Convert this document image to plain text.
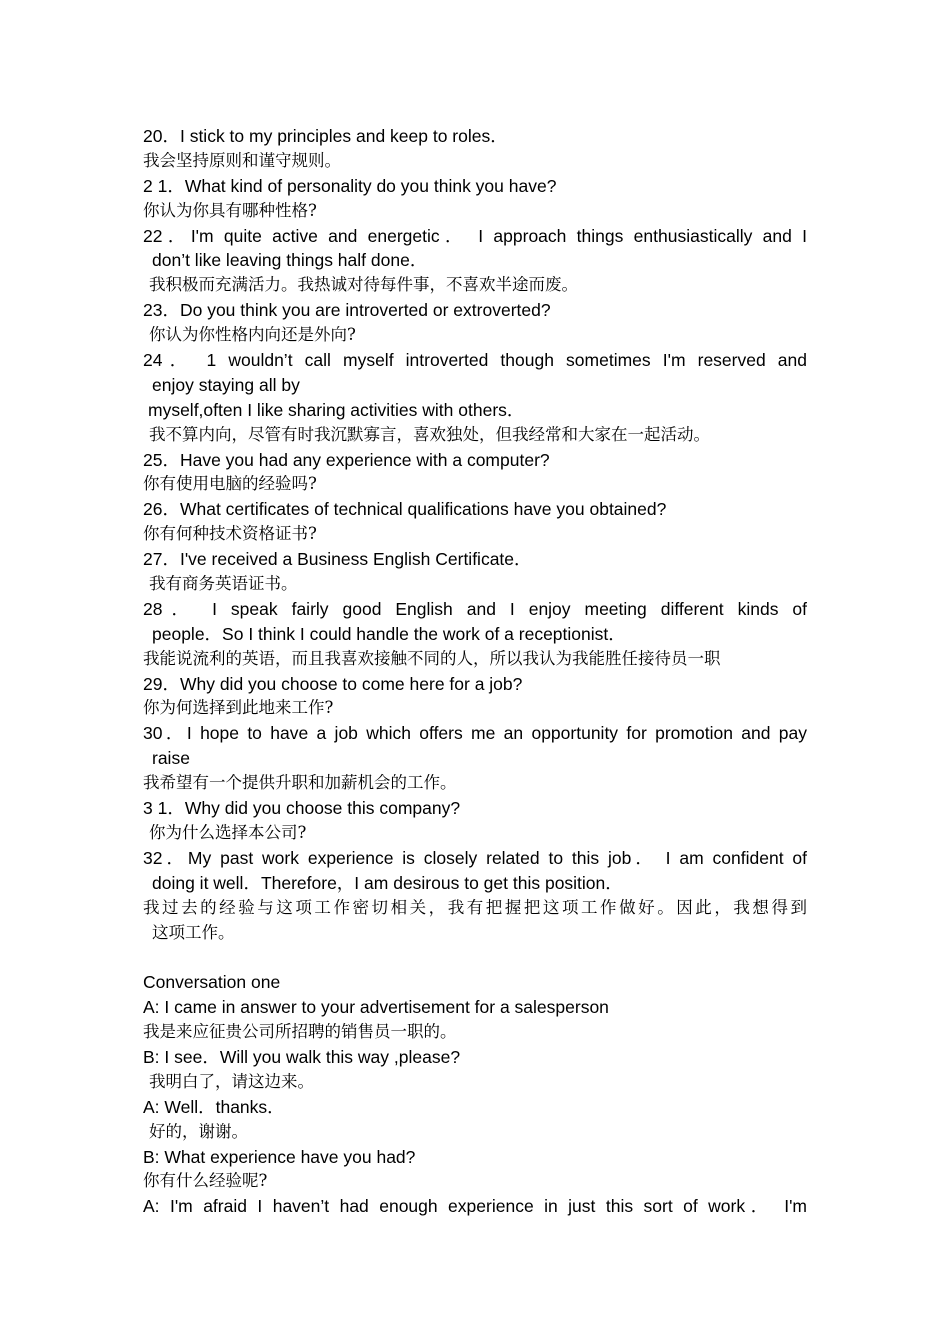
20．I stick to my principles and keep to roles．
我会坚持原则和谨守规则。
2 1．What kind of personality do you think you have?
你认为你具有哪种性格?
22．I'm quite active and energetic． I approach things enthusiastically and I
don’t like leaving things half done．
我积极而充满活力。我热诚对待每件事，不喜欢半途而废。
23．Do you think you are introverted or extroverted?
你认为你性格内向还是外向?
24． 1 wouldn’t call myself introverted though sometimes I'm reserved and
enjoy staying all by
myself,often I like sharing activities with others．
我不算内向，尽管有时我沉默寡言，喜欢独处，但我经常和大家在一起活动。
25．Have you had any experience with a computer?
你有使用电脑的经验吗?
26．What certificates of technical qualifications have you obtained?
你有何种技术资格证书?
27．I've received a Business English Certificate．
我有商务英语证书。
28． I speak fairly good English and I enjoy meeting different kinds of
people．So I think I could handle the work of a receptionist．
我能说流利的英语，而且我喜欢接触不同的人，所以我认为我能胜任接待员一职
29．Why did you choose to come here for a job?
你为何选择到此地来工作?
30．I hope to have a job which offers me an opportunity for promotion and pay
raise
我希望有一个提供升职和加薪机会的工作。
3 1．Why did you choose this company?
你为什么选择本公司?
32．My past work experience is closely related to this job． I am confident of
doing it well．Therefore，I am desirous to get this position．
我过去的经验与这项工作密切相关，我有把握把这项工作做好。因此，我想得到
这项工作。
Conversation one
A: I came in answer to your advertisement for a salesperson
我是来应征贵公司所招聘的销售员一职的。
B: I see．Will you walk this way ,please?
我明白了，请这边来。
A: Well．thanks．
好的，谢谢。
B: What experience have you had?
你有什么经验呢?
A: I'm afraid I haven’t had enough experience in just this sort of work． I'm
